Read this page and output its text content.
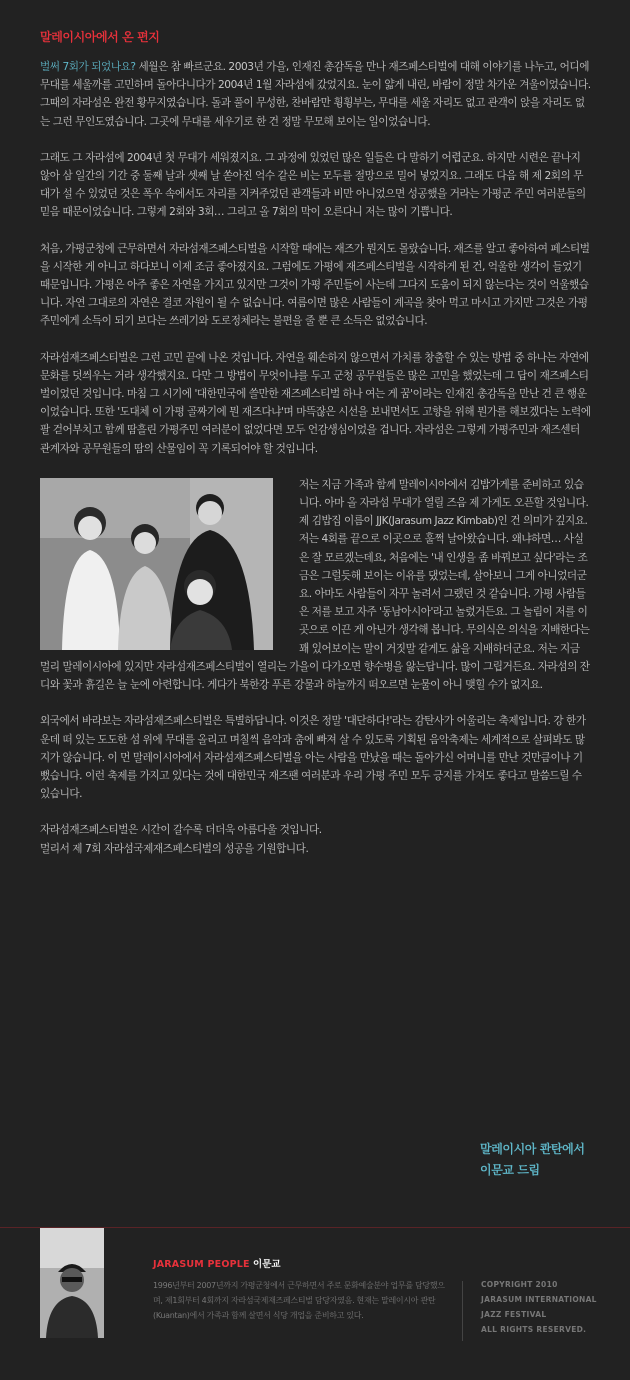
말레이시아에서 온 편지

벌써 7회가 되었나요? 세월은 참 빠르군요. 2003년 가을, 인재진 총감독을 만나 재즈페스티벌에 대해 이야기를 나누고, 어디에 무대를 세울까를 고민하며 돌아다니다가 2004년 1월 자라섬에 갔었지요. 눈이 얇게 내린, 바람이 정말 차가운 겨울이었습니다. 그때의 자라섬은 완전 황무지였습니다. 돌과 풀이 무성한, 찬바람만 휭휭부는, 무대를 세울 자리도 없고 관객이 앉을 자리도 없는 그런 무인도였습니다. 그곳에 무대를 세우기로 한 건 정말 무모해 보이는 일이었습니다.

그래도 그 자라섬에 2004년 첫 무대가 세워졌지요. 그 과정에 있었던 많은 일들은 다 말하기 어렵군요. 하지만 시련은 끝나지 않아 삼 일간의 기간 중 둘째 날과 셋째 날 쏟아진 억수 같은 비는 모두를 절망으로 밀어 넣었지요. 그래도 다음 해 제 2회의 무대가 설 수 있었던 것은 폭우 속에서도 자리를 지켜주었던 관객들과 비만 아니었으면 성공했을 거라는 가평군 주민 여러분들의 믿음 때문이었습니다. 그렇게 2회와 3회… 그리고 올 7회의 막이 오른다니 저는 많이 기쁩니다.

처음, 가평군청에 근무하면서 자라섬재즈페스티벌을 시작할 때에는 재즈가 뭔지도 몰랐습니다. 재즈를 알고 좋아하여 페스티벌을 시작한 게 아니고 하다보니 이제 조금 좋아졌지요. 그럼에도 가평에 재즈페스티벌을 시작하게 된 건, 억울한 생각이 들었기 때문입니다. 가평은 아주 좋은 자연을 가지고 있지만 그것이 가평 주민들이 사는데 그다지 도움이 되지 않는다는 것이 억울했습니다. 자연 그대로의 자연은 결코 자원이 될 수 없습니다. 여름이면 많은 사람들이 계곡을 찾아 먹고 마시고 가지만 그것은 가평주민에게 소득이 되기 보다는 쓰레기와 도로정체라는 불편을 줄 뿐 큰 소득은 없었습니다.

자라섬재즈페스티벌은 그런 고민 끝에 나온 것입니다. 자연을 훼손하지 않으면서 가치를 창출할 수 있는 방법 중 하나는 자연에 문화를 덧씌우는 거라 생각했지요. 다만 그 방법이 무엇이냐를 두고 군청 공무원들은 많은 고민을 했었는데 그 답이 재즈페스티벌이었던 것입니다. 마침 그 시기에 '대한민국에 쓸만한 재즈페스티벌 하나 여는 게 꿈'이라는 인재진 총감독을 만난 건 큰 행운이었습니다. 또한 '도대체 이 가평 골짜기에 뭔 재즈다냐'며 마뜩잖은 시선을 보내면서도 고향을 위해 뭔가를 해보겠다는 노력에 팔 걷어부치고 함께 땀흘린 가평주민 여러분이 없었다면 모두 언감생심이었을 겁니다. 자라섬은 그렇게 가평주민과 재즈센터 관계자와 공무원들의 땀의 산물임이 꼭 기록되어야 할 것입니다.

저는 지금 가족과 함께 말레이시아에서 김밥가게를 준비하고 있습니다. 아마 올 자라섬 무대가 열릴 즈음 제 가게도 오픈할 것입니다. 제 김밥집 이름이 JJK(Jarasum Jazz Kimbab)인 건 의미가 깊지요. 저는 4회를 끝으로 이곳으로 훌쩍 날아왔습니다. 왜냐하면… 사실은 잘 모르겠는데요, 처음에는 '내 인생을 좀 바꿔보고 싶다'라는 조금은 그럴듯해 보이는 이유를 댔었는데, 살아보니 그게 아니었더군요. 아마도 사람들이 자꾸 놀려서 그랬던 것 같습니다. 가평 사람들은 저를 보고 자주 '동남아시아'라고 놀렸거든요. 그 놀림이 저를 이곳으로 이끈 게 아닌가 생각해 봅니다. 무의식은 의식을 지배한다는 꽤 있어보이는 말이 거짓말 같게도 삶을 지배하더군요. 저는 지금 멀리 말레이시아에 있지만 자라섬재즈페스티벌이 열리는 가을이 다가오면 향수병을 앓는답니다. 많이 그립거든요. 자라섬의 잔디와 꽃과 흙길은 늘 눈에 아련합니다. 게다가 북한강 푸른 강물과 하늘까지 떠오르면 눈물이 아니 맺힐 수가 없지요.

외국에서 바라보는 자라섬재즈페스티벌은 특별하답니다. 이것은 정말 '대단하다!'라는 감탄사가 어울리는 축제입니다. 강 한가운데 떠 있는 도도한 섬 위에 무대를 올리고 며칠씩 음악과 춤에 빠져 살 수 있도록 기획된 음악축제는 세계적으로 살펴봐도 많지가 않습니다. 이 먼 말레이시아에서 자라섬재즈페스티벌을 아는 사람을 만났을 때는 돌아가신 어머니를 만난 것만큼이나 기뻤습니다. 이런 축제를 가지고 있다는 것에 대한민국 재즈팬 여러분과 우리 가평 주민 모두 긍지를 가져도 좋다고 말씀드릴 수 있습니다.

자라섬재즈페스티벌은 시간이 갈수록 더더욱 아름다울 것입니다.
멀리서 제 7회 자라섬국제재즈페스티벌의 성공을 기원합니다.

말레이시아 콴탄에서
이문교 드림
JARASUM PEOPLE 이문교
1996년부터 2007년까지 가평군청에서 근무하면서 주로 문화예술분야 업무를 담당했으며, 제1회부터 4회까지 자라섬국제재즈페스티벌 담당자였음. 현재는 말레이시아 콴탄(Kuantan)에서 가족과 함께 살면서 식당 개업을 준비하고 있다.
COPYRIGHT 2010
JARASUM INTERNATIONAL
JAZZ FESTIVAL
ALL RIGHTS RESERVED.
